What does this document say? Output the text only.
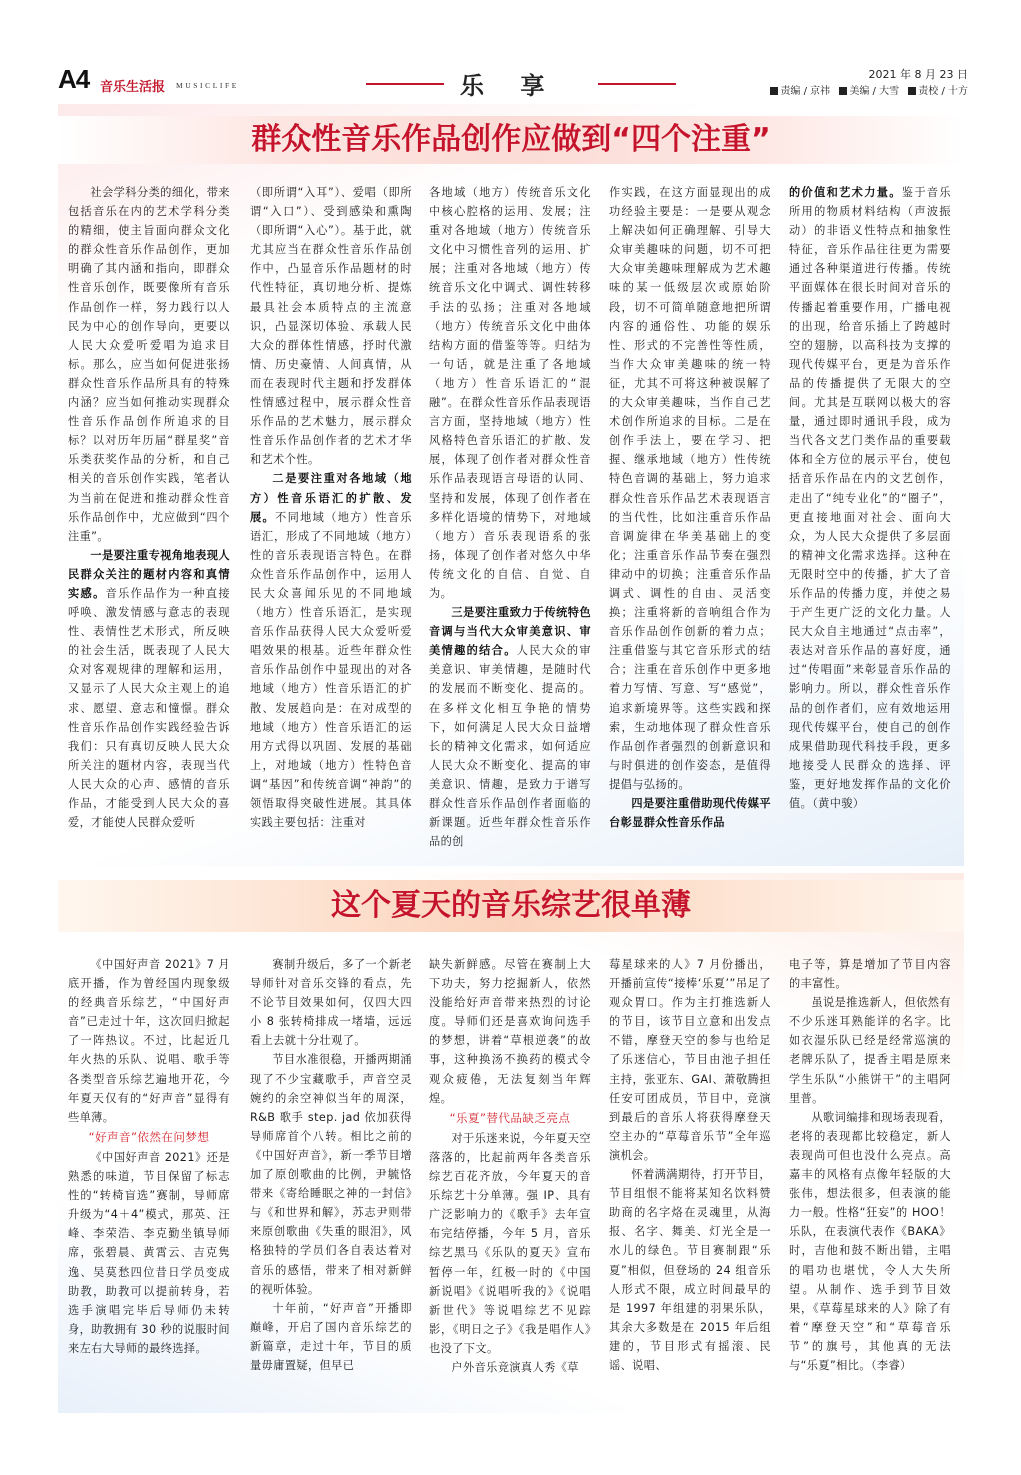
A4 音乐生活报 MUSICLIFE	乐 享	2021 年 8 月 23 日
责编 / 京祎 美编 / 大雪 责校 / 十方
群众性音乐作品创作应做到“四个注重”

社会学科分类的细化，带来包括音乐在内的艺术学科分类的精细，使主旨面向群众文化的群众性音乐作品创作，更加明确了其内涵和指向，即群众性音乐创作，既要像所有音乐作品创作一样，努力践行以人民为中心的创作导向，更要以人民大众爱听爱唱为追求目标。那么，应当如何促进张扬群众性音乐作品所具有的特殊内涵？应当如何推动实现群众性音乐作品创作所追求的目标？以对历年历届“群星奖”音乐类获奖作品的分析，和自己相关的音乐创作实践，笔者认为当前在促进和推动群众性音乐作品创作中，尤应做到“四个注重”。

一是要注重专视角地表现人民群众关注的题材内容和真情实感。音乐作品作为一种直接呼唤、激发情感与意志的表现性、表情性艺术形式，所反映的社会生活，既表现了人民大众对客观规律的理解和运用，又显示了人民大众主观上的追求、愿望、意志和憧憬。群众性音乐作品创作实践经验告诉我们：只有真切反映人民大众所关注的题材内容，表现当代人民大众的心声、感情的音乐作品，才能受到人民大众的喜爱，才能使人民群众爱听

（即所谓“入耳”）、爱唱（即所谓“入口”）、受到感染和熏陶（即所谓“入心”）。基于此，就尤其应当在群众性音乐作品创作中，凸显音乐作品题材的时代性特征，真切地分析、提炼最具社会本质特点的主流意识，凸显深切体验、承载人民大众的群体性情感，抒时代激情、历史豪情、人间真情，从而在表现时代主题和抒发群体性情感过程中，展示群众性音乐作品的艺术魅力，展示群众性音乐作品创作者的艺术才华和艺术个性。

二是要注重对各地域（地方）性音乐语汇的扩散、发展。不同地域（地方）性音乐语汇，形成了不同地域（地方）性的音乐表现语言特色。在群众性音乐作品创作中，运用人民大众喜闻乐见的不同地域（地方）性音乐语汇，是实现音乐作品获得人民大众爱听爱唱效果的根基。近些年群众性音乐作品创作中显现出的对各地域（地方）性音乐语汇的扩散、发展趋向是：在对成型的地域（地方）性音乐语汇的运用方式得以巩固、发展的基础上，对地域（地方）性特色音调“基因”和传统音调“神韵”的领悟取得突破性进展。其具体实践主要包括：注重对

各地域（地方）传统音乐文化中核心腔格的运用、发展；注重对各地域（地方）传统音乐文化中习惯性音列的运用、扩展；注重对各地域（地方）传统音乐文化中调式、调性转移手法的弘扬；注重对各地域（地方）传统音乐文化中曲体结构方面的借鉴等等。归结为一句话，就是注重了各地域（地方）性音乐语汇的“混融”。在群众性音乐作品表现语言方面，坚持地域（地方）性风格特色音乐语汇的扩散、发展，体现了创作者对群众性音乐作品表现语言母语的认同、坚持和发展，体现了创作者在多样化语境的情势下，对地域（地方）音乐表现语系的张扬，体现了创作者对悠久中华传统文化的自信、自觉、自为。

三是要注重致力于传统特色音调与当代大众审美意识、审美情趣的结合。人民大众的审美意识、审美情趣，是随时代的发展而不断变化、提高的。在多样文化相互争艳的情势下，如何满足人民大众日益增长的精神文化需求，如何适应人民大众不断变化、提高的审美意识、情趣，是致力于谱写群众性音乐作品创作者面临的新课题。近些年群众性音乐作品的创

作实践，在这方面显现出的成功经验主要是：一是要从观念上解决如何正确理解、引导大众审美趣味的问题，切不可把大众审美趣味理解成为艺术趣味的某一低级层次或原始阶段，切不可简单随意地把所谓内容的通俗性、功能的娱乐性、形式的不完善性等性质，当作大众审美趣味的统一特征，尤其不可将这种被误解了的大众审美趣味，当作自己艺术创作所追求的目标。二是在创作手法上，要在学习、把握、继承地域（地方）性传统特色音调的基础上，努力追求群众性音乐作品艺术表现语言的当代性，比如注重音乐作品音调旋律在华美基础上的变化；注重音乐作品节奏在强烈律动中的切换；注重音乐作品调式、调性的自由、灵活变换；注重将新的音响组合作为音乐作品创作创新的着力点；注重借鉴与其它音乐形式的结合；注重在音乐创作中更多地着力写情、写意、写“感觉”，追求新境界等。这些实践和探索，生动地体现了群众性音乐作品创作者强烈的创新意识和与时俱进的创作姿态，是值得提倡与弘扬的。

四是要注重借助现代传媒平台彰显群众性音乐作品

的价值和艺术力量。鉴于音乐所用的物质材料结构（声波振动）的非语义性特点和抽象性特征，音乐作品往往更为需要通过各种渠道进行传播。传统平面媒体在很长时间对音乐的传播起着重要作用，广播电视的出现，给音乐插上了跨越时空的翅膀，以高科技为支撑的现代传媒平台，更是为音乐作品的传播提供了无限大的空间。尤其是互联网以极大的容量，通过即时通讯手段，成为当代各文艺门类作品的重要载体和全方位的展示平台，使包括音乐作品在内的文艺创作，走出了“纯专业化”的“圈子”，更直接地面对社会、面向大众，为人民大众提供了多层面的精神文化需求选择。这种在无限时空中的传播，扩大了音乐作品的传播力度，并使之易于产生更广泛的文化力量。人民大众自主地通过“点击率”，表达对音乐作品的喜好度，通过“传唱面”来彰显音乐作品的影响力。所以，群众性音乐作品的创作者们，应有效地运用现代传媒平台，使自己的创作成果借助现代科技手段，更多地接受人民群众的选择、评鉴，更好地发挥作品的文化价值。（黄中骏）

这个夏天的音乐综艺很单薄

《中国好声音 2021》7 月底开播，作为曾经国内现象级的经典音乐综艺，“中国好声音”已走过十年，这次回归掀起了一阵热议。不过，比起近几年火热的乐队、说唱、歌手等各类型音乐综艺遍地开花，今年夏天仅有的“好声音”显得有些单薄。

“好声音”依然在问梦想

《中国好声音 2021》还是熟悉的味道，节目保留了标志性的“转椅盲选”赛制，导师席升级为“4＋4”模式，那英、汪峰、李荣浩、李克勤坐镇导师席，张碧晨、黄霄云、吉克隽逸、吴莫愁四位昔日学员变成助教，助教可以提前转身，若选手演唱完毕后导师仍未转身，助教拥有 30 秒的说服时间来左右大导师的最终选择。

赛制升级后，多了一个新老导师针对音乐交锋的看点，先不论节目效果如何，仅四大四小 8 张转椅排成一堵墙，远远看上去就十分壮观了。

节目水准很稳，开播两期涌现了不少宝藏歌手，声音空灵婉约的余空神似当年的周深，R&B 歌手 step. jad 依加获得导师席首个八转。相比之前的《中国好声音》，新一季节目增加了原创歌曲的比例，尹毓恪带来《寄给睡眠之神的一封信》与《和世界和解》，苏志尹则带来原创歌曲《失重的眼泪》，风格独特的学员们各自表达着对音乐的感悟，带来了相对新鲜的视听体验。

十年前，“好声音”开播即巅峰，开启了国内音乐综艺的新篇章，走过十年，节目的质量毋庸置疑，但早已

缺失新鲜感。尽管在赛制上大下功夫，努力挖掘新人，依然没能给好声音带来热烈的讨论度。导师们还是喜欢询问选手的梦想，讲着“草根逆袭”的故事，这种换汤不换药的模式令观众疲倦，无法复刻当年辉煌。

“乐夏”替代品缺乏亮点

对于乐迷来说，今年夏天空落落的，比起前两年各类音乐综艺百花齐放，今年夏天的音乐综艺十分单薄。强 IP、具有广泛影响力的《歌手》去年宣布完结停播，今年 5 月，音乐综艺黑马《乐队的夏天》宣布暂停一年，红极一时的《中国新说唱》《说唱听我的》《说唱新世代》等说唱综艺不见踪影，《明日之子》《我是唱作人》也没了下文。

户外音乐竞演真人秀《草

莓星球来的人》7 月份播出，开播前宣传“接棒‘乐夏’”吊足了观众胃口。作为主打推选新人的节目，该节目立意和出发点不错，摩登天空的参与也给足了乐迷信心，节目由池子担任主持，张亚东、GAI、萧敬腾担任安可团成员，节目中，竞演到最后的音乐人将获得摩登天空主办的“草莓音乐节”全年巡演机会。

怀着满满期待，打开节目，节目组恨不能将某知名饮料赞助商的名字烙在灵魂里，从海报、名字、舞美、灯光全是一水儿的绿色。节目赛制跟“乐夏”相似，但登场的 24 组音乐人形式不限，成立时间最早的是 1997 年组建的羽果乐队，其余大多数是在 2015 年后组建的，节目形式有摇滚、民谣、说唱、

电子等，算是增加了节目内容的丰富性。

虽说是推选新人，但依然有不少乐迷耳熟能详的名字。比如衣湿乐队已经是经常巡演的老牌乐队了，提香主唱是原来学生乐队“小熊饼干”的主唱阿里普。

从歌词编排和现场表现看，老将的表现都比较稳定，新人表现尚可但也没什么亮点。高嘉丰的风格有点像年轻版的大张伟，想法很多，但表演的能力一般。性格“狂妄”的 HOO！乐队，在表演代表作《BAKA》时，吉他和鼓不断出错，主唱的唱功也堪忧，令人大失所望。从制作、选手到节目效果，《草莓星球来的人》除了有着“摩登天空”和“草莓音乐节”的旗号，其他真的无法与“乐夏”相比。（李睿）
